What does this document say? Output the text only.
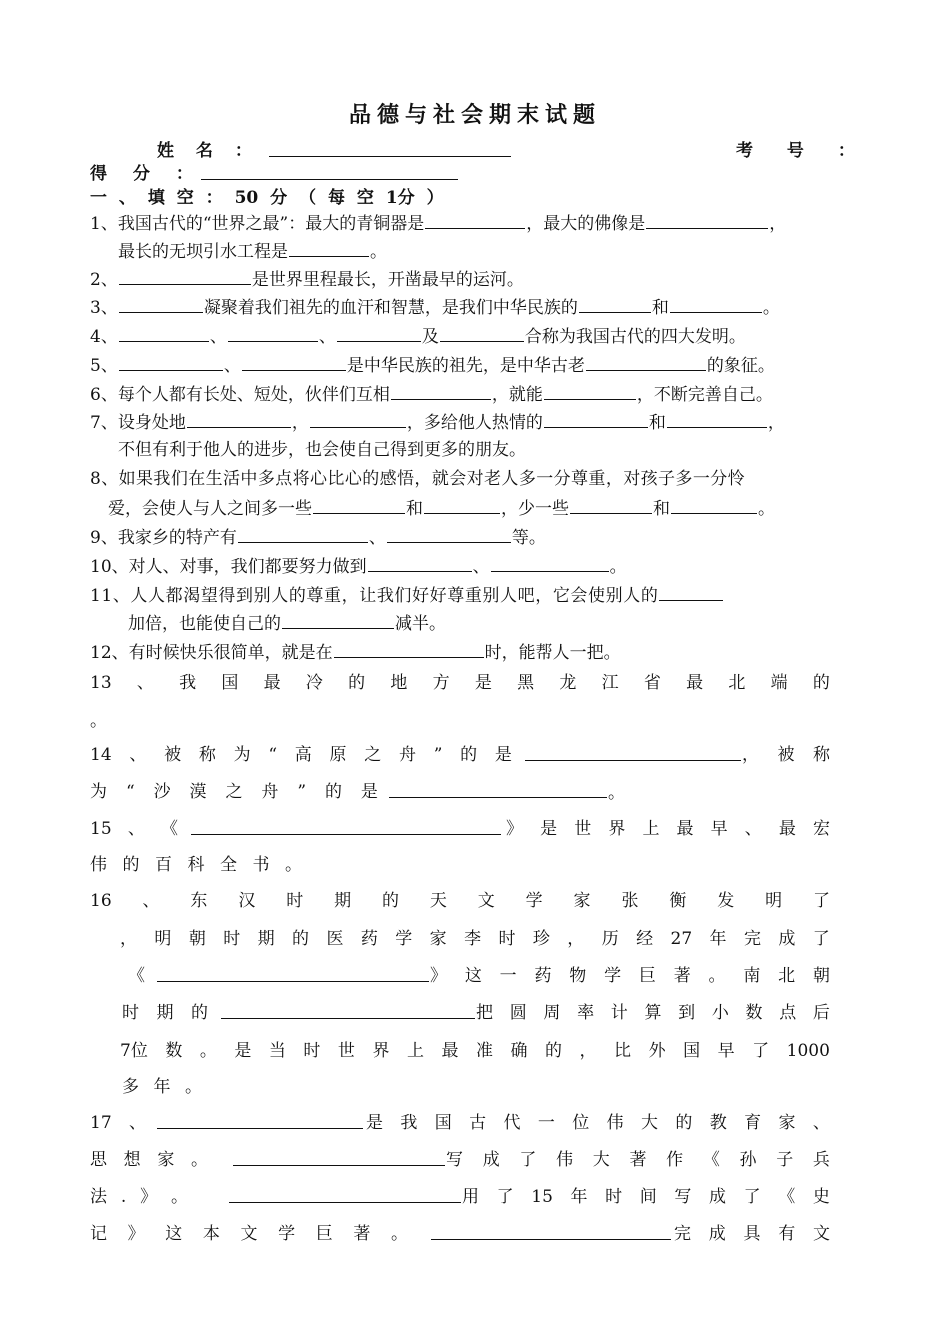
品德与社会期末试题
姓 名 ：	考 号 ：
得 分 ：
一 、 填 空 ： 50 分 （ 每 空 1分 ）
1、我国古代的“世界之最”：最大的青铜器是	，最大的佛像是	，
最长的无坝引水工程是	。
2、	是世界里程最长，开凿最早的运河。
3、	凝聚着我们祖先的血汗和智慧，是我们中华民族的	和	。
4、	、	、	及	合称为我国古代的四大发明。
5、	、	是中华民族的祖先，是中华古老	的象征。
6、每个人都有长处、短处，伙伴们互相	，就能	，不断完善自己。
7、设身处地	，	，多给他人热情的	和	，
不但有利于他人的进步，也会使自己得到更多的朋友。
8、如果我们在生活中多点将心比心的感悟，就会对老人多一分尊重，对孩子多一分怜
爱，会使人与人之间多一些	和	，少一些	和	。
9、我家乡的特产有	、	等。
10、对人、对事，我们都要努力做到	、	。
11、人人都渴望得到别人的尊重，让我们好好尊重别人吧，它会使别人的
加倍，也能使自己的	减半。
12、有时候快乐很简单，就是在	时，能帮人一把。
13 、 我 国 最 冷 的 地 方 是 黑 龙 江 省 最 北 端 的
。
14 、 被 称 为 “ 高 原 之 舟 ” 的 是	， 被 称
为 “ 沙 漠 之 舟 ” 的 是	。
15 、 《	》 是 世 界 上 最 早 、 最 宏
伟 的 百 科 全 书 。
16 、 东 汉 时 期 的 天 文 学 家 张 衡 发 明 了
， 明 朝 时 期 的 医 药 学 家 李 时 珍 ， 历 经 27 年 完 成 了
《	》 这 一 药 物 学 巨 著 。 南 北 朝
时 期 的	把 圆 周 率 计 算 到 小 数 点 后
7位 数 。 是 当 时 世 界 上 最 准 确 的 ， 比 外 国 早 了 1000
多 年 。
17 、	是 我 国 古 代 一 位 伟 大 的 教 育 家 、
思 想 家 。	写 成 了 伟 大 著 作 《 孙 子 兵
法 . 》 。	用 了 15 年 时 间 写 成 了 《 史
记 》 这 本 文 学 巨 著 。	完 成 具 有 文
